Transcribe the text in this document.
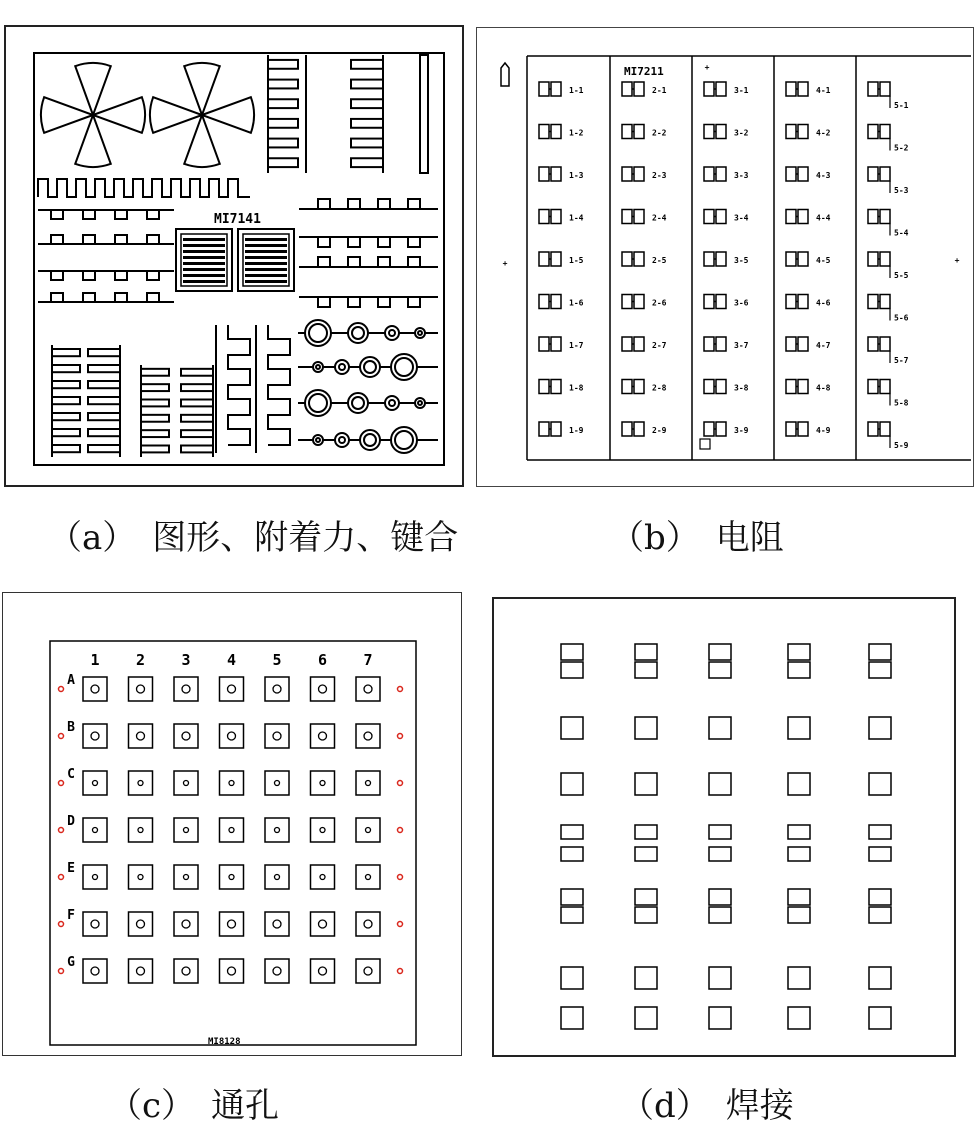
MI7141
（a） 图形、附着力、键合
+
+
+
1-1
1-2
1-3
1-4
1-5
1-6
1-7
1-8
1-9
2-1
2-2
2-3
2-4
2-5
2-6
2-7
2-8
2-9
3-1
3-2
3-3
3-4
3-5
3-6
3-7
3-8
3-9
4-1
4-2
4-3
4-4
4-5
4-6
4-7
4-8
4-9
5-1
5-2
5-3
5-4
5-5
5-6
5-7
5-8
5-9
MI7211
（b） 电阻
1 2 3 4 5 6 7
A
B
C
D
E
F
G
MI8128
（c） 通孔	（d） 焊接
